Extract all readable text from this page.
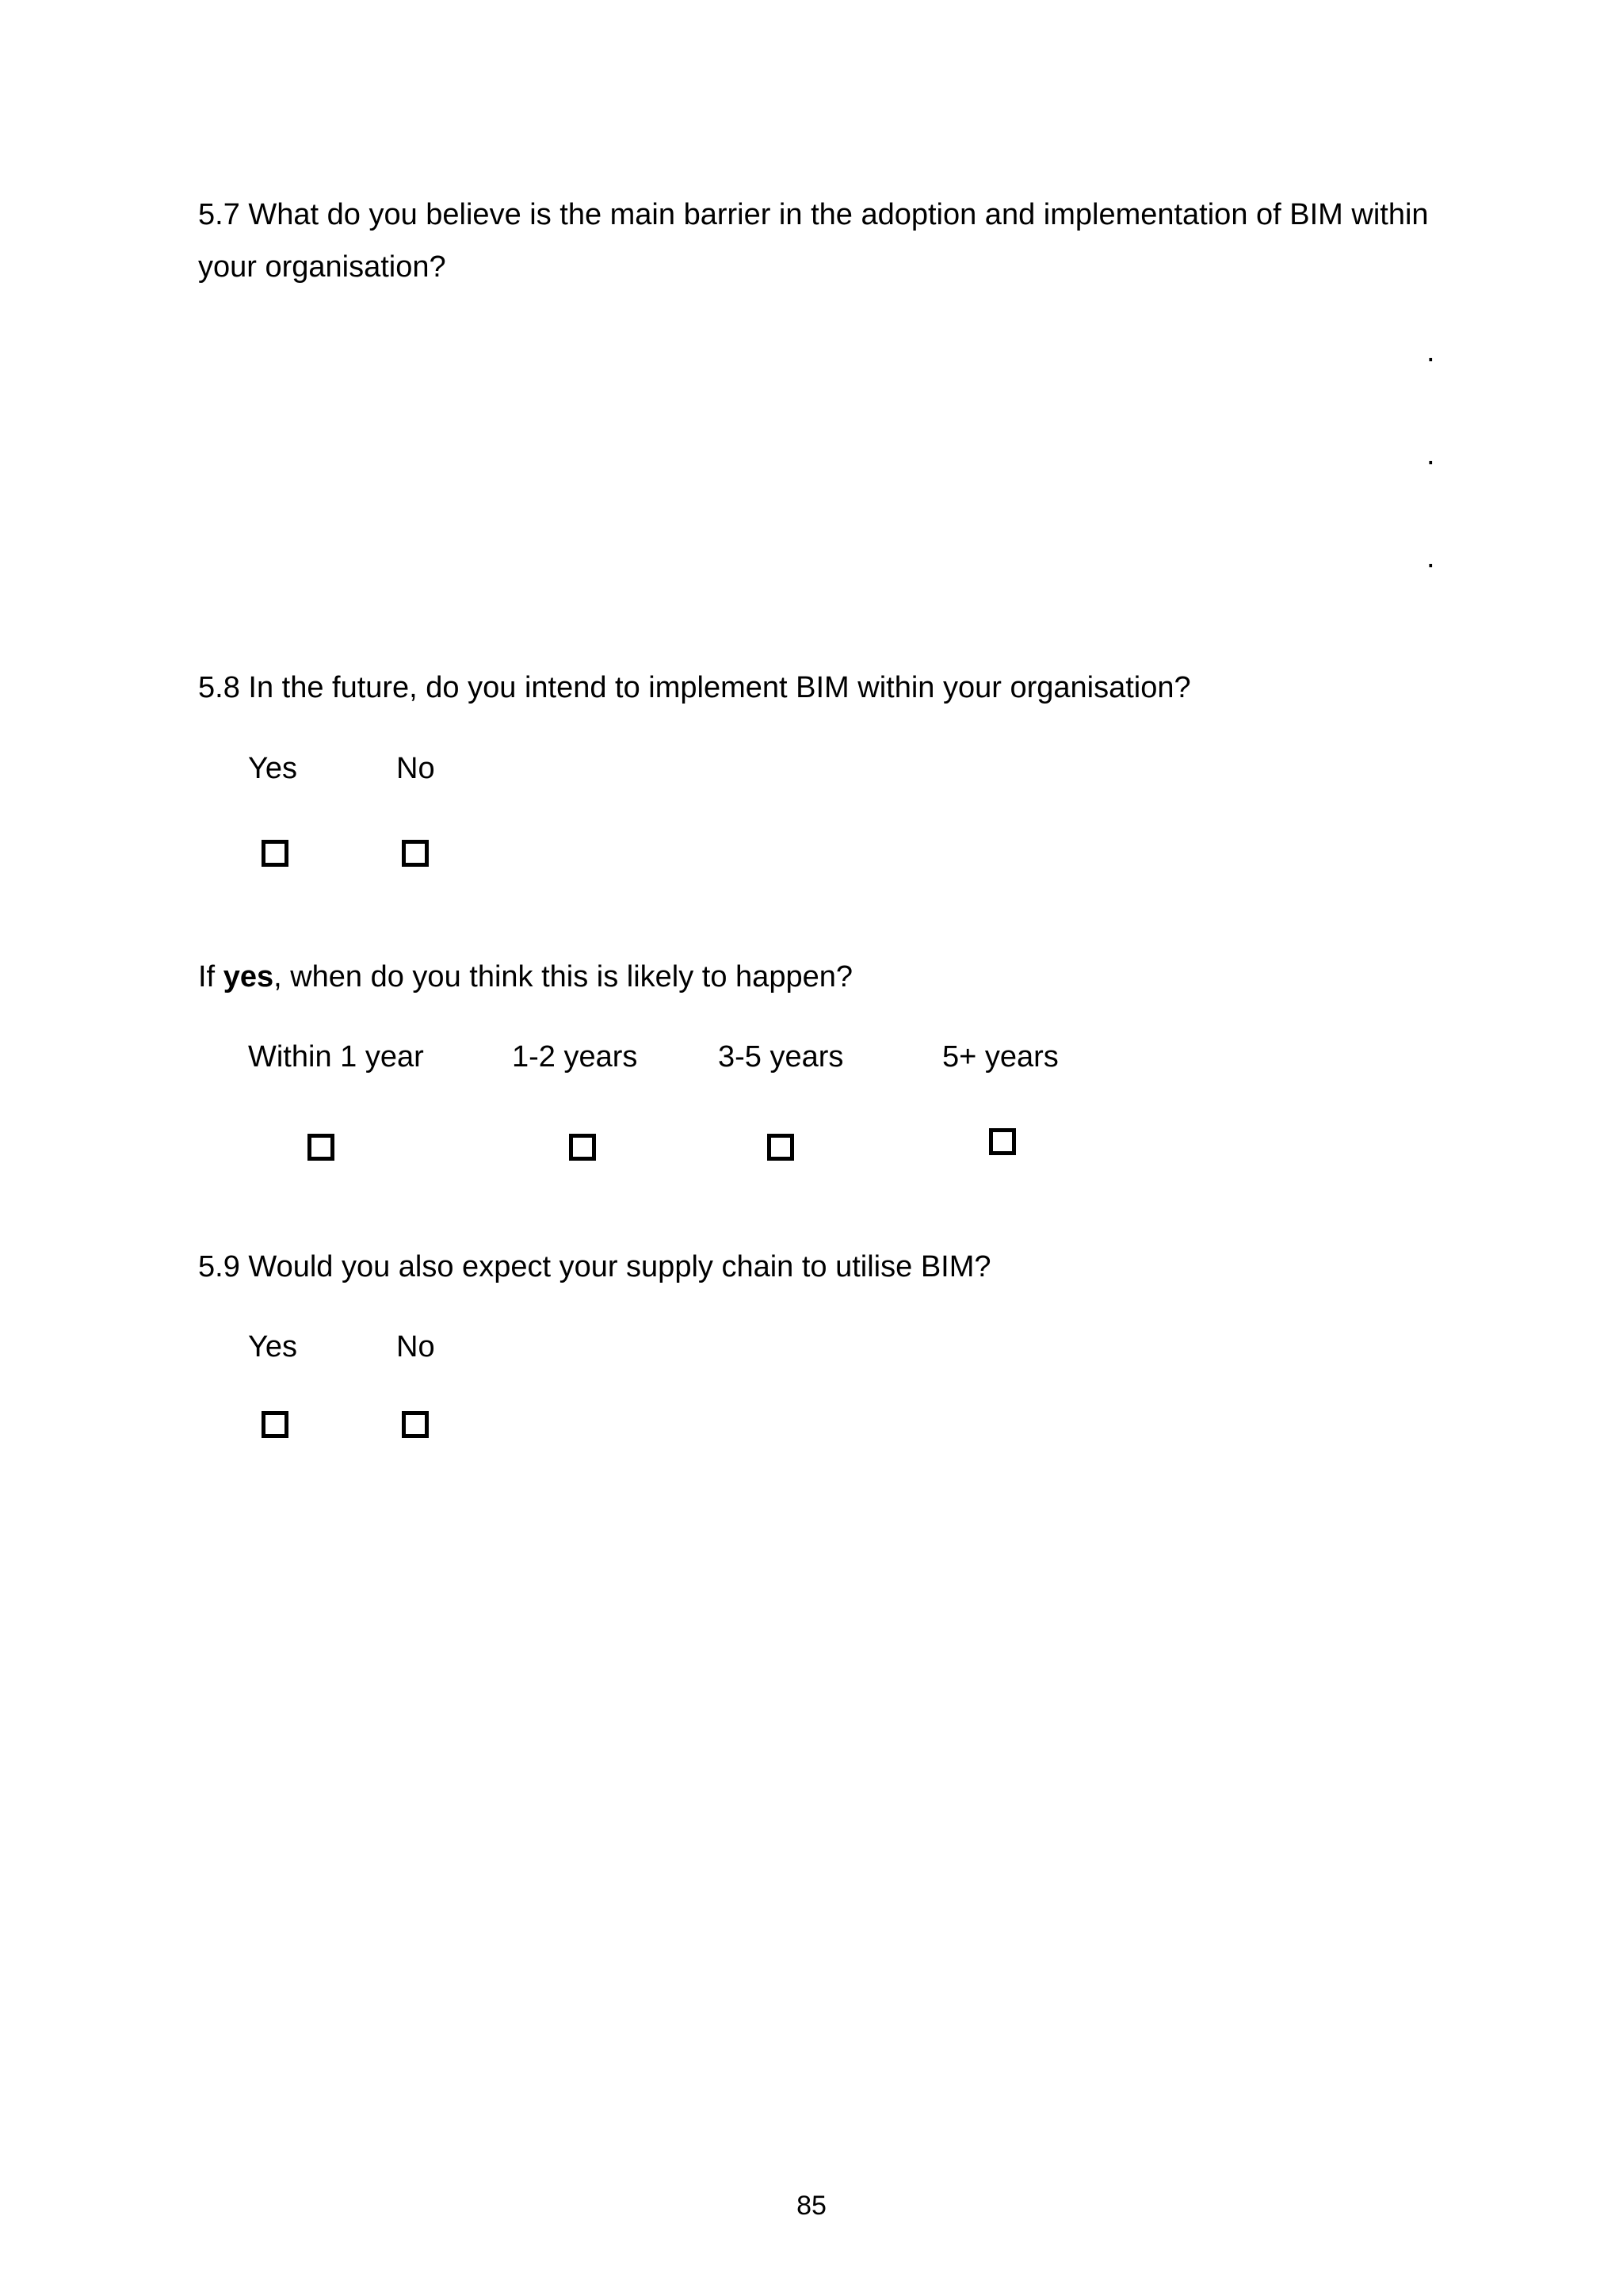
5.7 What do you believe is the main barrier in the adoption and implementation of BIM within your organisation?
.
.
.
5.8 In the future, do you intend to implement BIM within your organisation?
Yes	No
If yes, when do you think this is likely to happen?
Within 1 year	1-2 years	3-5 years	5+ years
5.9 Would you also expect your supply chain to utilise BIM?
Yes	No
85
